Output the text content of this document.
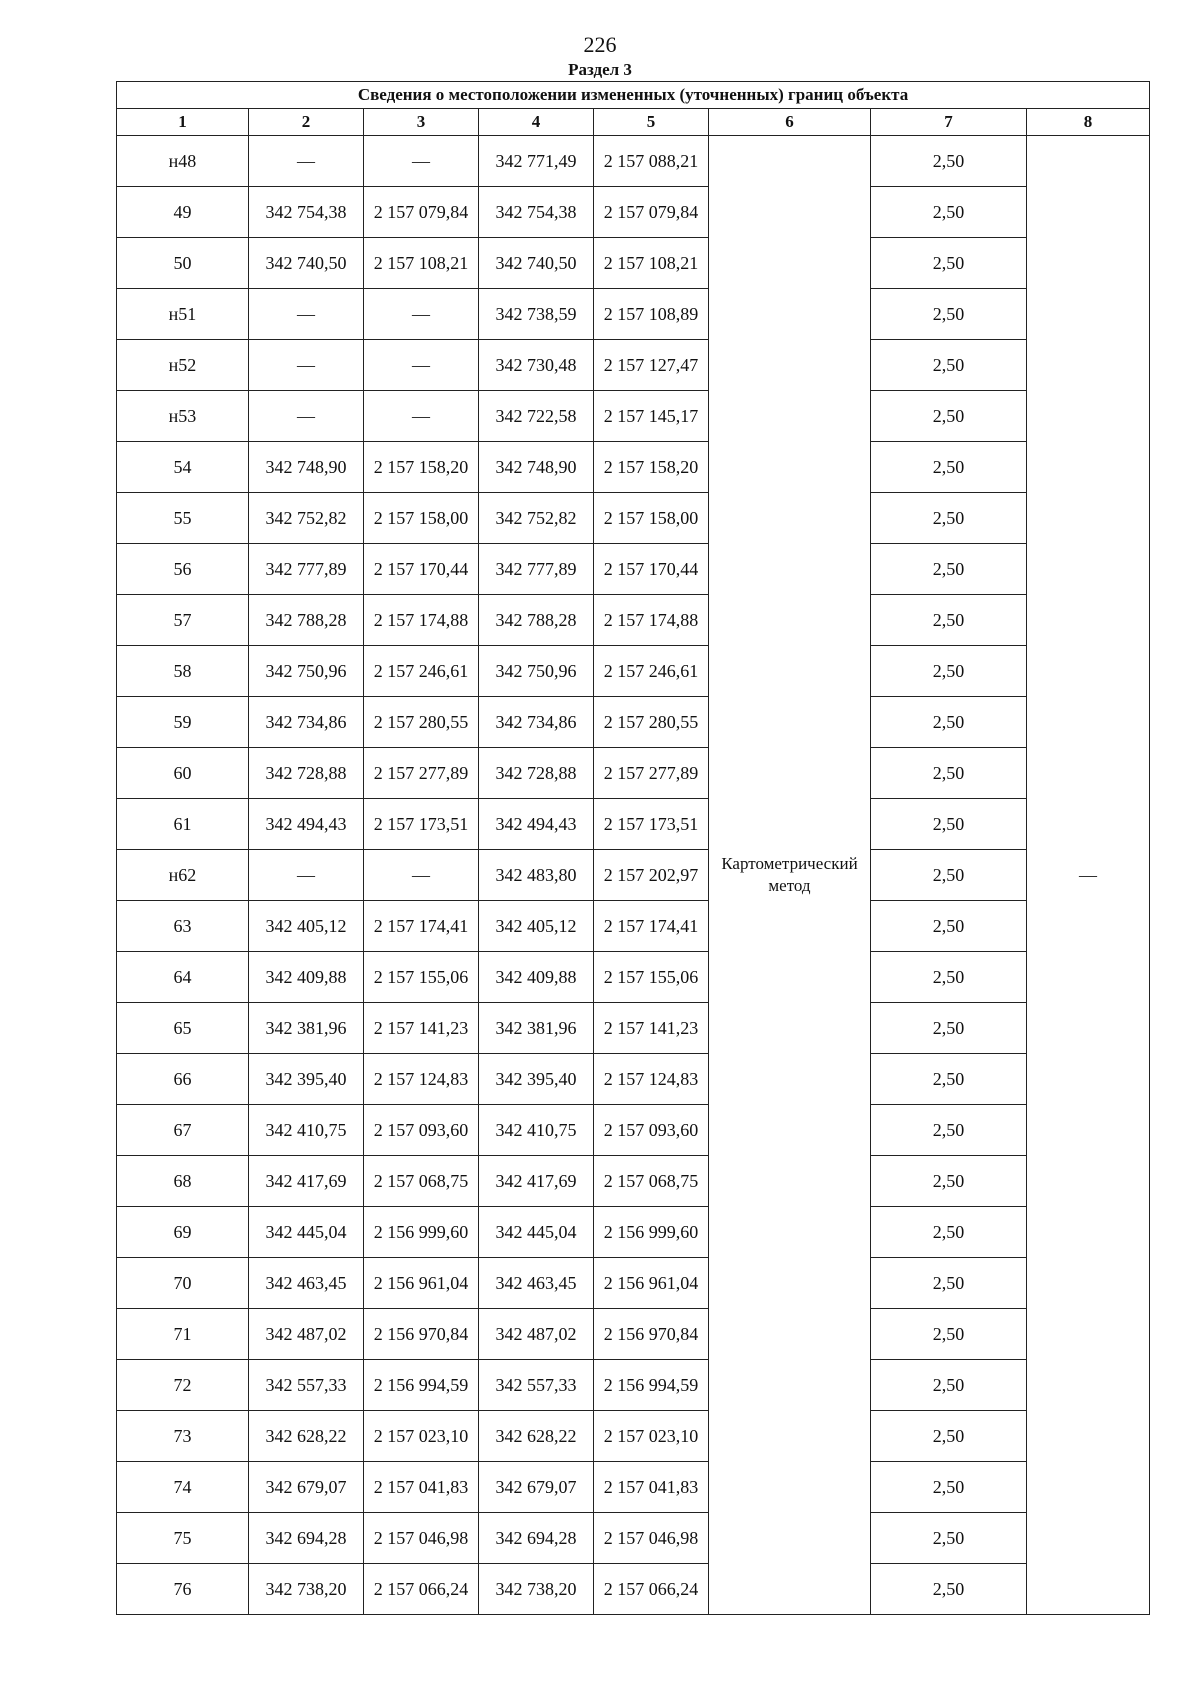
226
Раздел 3
Сведения о местоположении измененных (уточненных) границ объекта							
1	2	3	4	5	6	7	8
н48	—	—	342 771,49	2 157 088,21	Картометрический метод	2,50	—
49	342 754,38	2 157 079,84	342 754,38	2 157 079,84		2,50	
50	342 740,50	2 157 108,21	342 740,50	2 157 108,21		2,50	
н51	—	—	342 738,59	2 157 108,89		2,50	
н52	—	—	342 730,48	2 157 127,47		2,50	
н53	—	—	342 722,58	2 157 145,17		2,50	
54	342 748,90	2 157 158,20	342 748,90	2 157 158,20		2,50	
55	342 752,82	2 157 158,00	342 752,82	2 157 158,00		2,50	
56	342 777,89	2 157 170,44	342 777,89	2 157 170,44		2,50	
57	342 788,28	2 157 174,88	342 788,28	2 157 174,88		2,50	
58	342 750,96	2 157 246,61	342 750,96	2 157 246,61		2,50	
59	342 734,86	2 157 280,55	342 734,86	2 157 280,55		2,50	
60	342 728,88	2 157 277,89	342 728,88	2 157 277,89		2,50	
61	342 494,43	2 157 173,51	342 494,43	2 157 173,51		2,50	
н62	—	—	342 483,80	2 157 202,97		2,50	
63	342 405,12	2 157 174,41	342 405,12	2 157 174,41		2,50	
64	342 409,88	2 157 155,06	342 409,88	2 157 155,06		2,50	
65	342 381,96	2 157 141,23	342 381,96	2 157 141,23		2,50	
66	342 395,40	2 157 124,83	342 395,40	2 157 124,83		2,50	
67	342 410,75	2 157 093,60	342 410,75	2 157 093,60		2,50	
68	342 417,69	2 157 068,75	342 417,69	2 157 068,75		2,50	
69	342 445,04	2 156 999,60	342 445,04	2 156 999,60		2,50	
70	342 463,45	2 156 961,04	342 463,45	2 156 961,04		2,50	
71	342 487,02	2 156 970,84	342 487,02	2 156 970,84		2,50	
72	342 557,33	2 156 994,59	342 557,33	2 156 994,59		2,50	
73	342 628,22	2 157 023,10	342 628,22	2 157 023,10		2,50	
74	342 679,07	2 157 041,83	342 679,07	2 157 041,83		2,50	
75	342 694,28	2 157 046,98	342 694,28	2 157 046,98		2,50	
76	342 738,20	2 157 066,24	342 738,20	2 157 066,24		2,50	
